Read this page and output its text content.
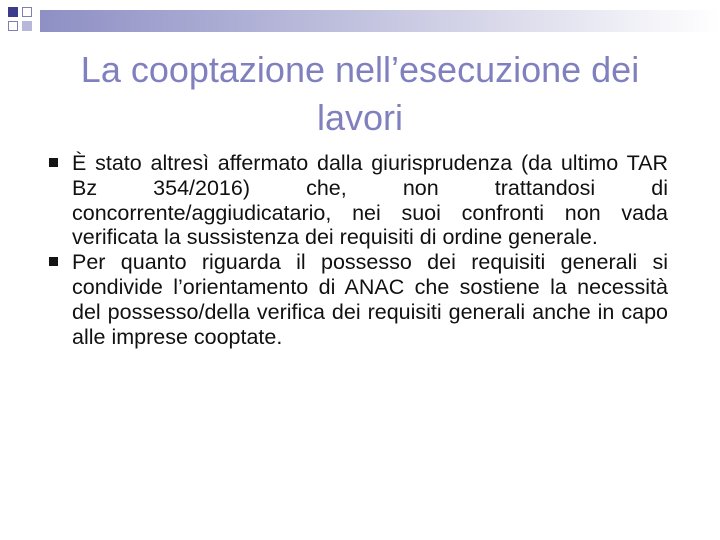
La cooptazione nell’esecuzione dei lavori
È stato altresì affermato dalla giurisprudenza (da ultimo TAR Bz 354/2016) che, non trattandosi di concorrente/aggiudicatario, nei suoi confronti non vada verificata la sussistenza dei requisiti di ordine generale.
Per quanto riguarda il possesso dei requisiti generali si condivide l’orientamento di ANAC che sostiene la necessità del possesso/della verifica dei requisiti generali anche in capo alle imprese cooptate.
